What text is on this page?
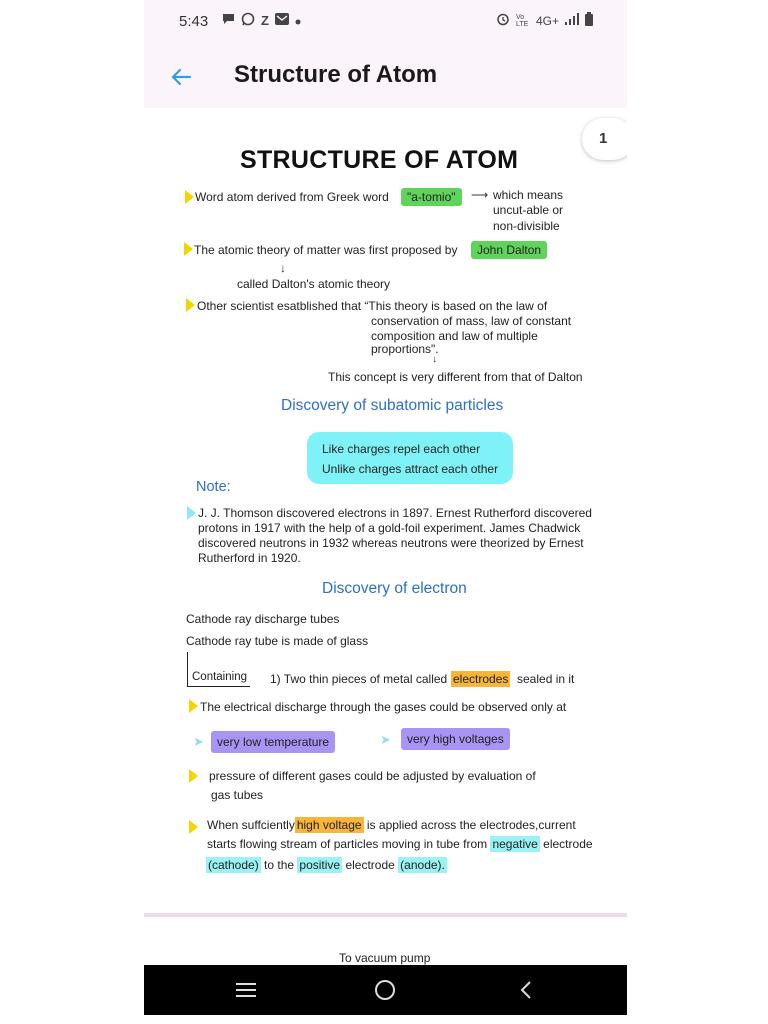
5:43	Z	Vo LTE 4G+
Structure of Atom
STRUCTURE OF ATOM
Word atom derived from Greek word	"a-tomio"	⟶ which means
uncut-able or
non-divisible
The atomic theory of matter was first proposed by	John Dalton
↓
called Dalton's atomic theory
Other scientist esatblished that “This theory is based on the law of
conservation of mass, law of constant
composition and law of multiple
proportions".
↓
This concept is very different from that of Dalton
Discovery of subatomic particles
Like charges repel each other
Unlike charges attract each other
Note:
J. J. Thomson discovered electrons in 1897. Ernest Rutherford discovered
protons in 1917 with the help of a gold-foil experiment. James Chadwick
discovered neutrons in 1932 whereas neutrons were theorized by Ernest
Rutherford in 1920.
Discovery of electron
Cathode ray discharge tubes
Cathode ray tube is made of glass
Containing 1) Two thin pieces of metal called electrodes sealed in it
The electrical discharge through the gases could be observed only at
➤	very low temperature	➤	very high voltages
pressure of different gases could be adjusted by evaluation of
gas tubes
When suffciently high voltage is applied across the electrodes,current
starts flowing stream of particles moving in tube from negative electrode
(cathode) to the positive electrode (anode).
To vacuum pump
1
